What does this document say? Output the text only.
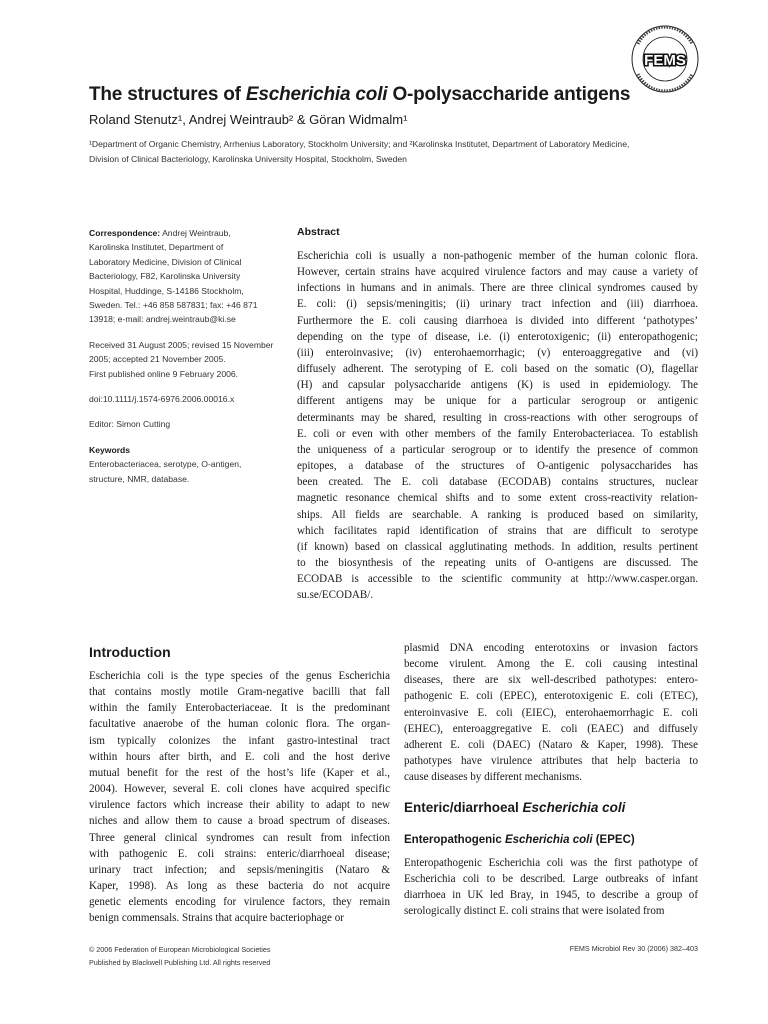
FEMS
The structures of Escherichia coli O-polysaccharide antigens
Roland Stenutz¹, Andrej Weintraub² & Göran Widmalm¹
¹Department of Organic Chemistry, Arrhenius Laboratory, Stockholm University; and ²Karolinska Institutet, Department of Laboratory Medicine,
Division of Clinical Bacteriology, Karolinska University Hospital, Stockholm, Sweden

Correspondence: Andrej Weintraub,
Karolinska Institutet, Department of
Laboratory Medicine, Division of Clinical
Bacteriology, F82, Karolinska University
Hospital, Huddinge, S-14186 Stockholm,
Sweden. Tel.: +46 858 587831; fax: +46 871
13918; e-mail: andrej.weintraub@ki.se

Received 31 August 2005; revised 15 November
2005; accepted 21 November 2005.
First published online 9 February 2006.

doi:10.1111/j.1574-6976.2006.00016.x

Editor: Simon Cutting

Keywords
Enterobacteriacea, serotype, O-antigen,
structure, NMR, database.

Abstract
Escherichia coli is usually a non-pathogenic member of the human colonic flora.
However, certain strains have acquired virulence factors and may cause a variety of
infections in humans and in animals. There are three clinical syndromes caused by
E. coli: (i) sepsis/meningitis; (ii) urinary tract infection and (iii) diarrhoea.
Furthermore the E. coli causing diarrhoea is divided into different ‘pathotypes’
depending on the type of disease, i.e. (i) enterotoxigenic; (ii) enteropathogenic;
(iii) enteroinvasive; (iv) enterohaemorrhagic; (v) enteroaggregative and (vi)
diffusely adherent. The serotyping of E. coli based on the somatic (O), flagellar
(H) and capsular polysaccharide antigens (K) is used in epidemiology. The
different antigens may be unique for a particular serogroup or antigenic
determinants may be shared, resulting in cross-reactions with other serogroups of
E. coli or even with other members of the family Enterobacteriacea. To establish
the uniqueness of a particular serogroup or to identify the presence of common
epitopes, a database of the structures of O-antigenic polysaccharides has
been created. The E. coli database (ECODAB) contains structures, nuclear
magnetic resonance chemical shifts and to some extent cross-reactivity relation-
ships. All fields are searchable. A ranking is produced based on similarity,
which facilitates rapid identification of strains that are difficult to serotype
(if known) based on classical agglutinating methods. In addition, results pertinent
to the biosynthesis of the repeating units of O-antigens are discussed. The
ECODAB is accessible to the scientific community at http://www.casper.organ.
su.se/ECODAB/.
Introduction
Escherichia coli is the type species of the genus Escherichia
that contains mostly motile Gram-negative bacilli that fall
within the family Enterobacteriaceae. It is the predominant
facultative anaerobe of the human colonic flora. The organ-
ism typically colonizes the infant gastro-intestinal tract
within hours after birth, and E. coli and the host derive
mutual benefit for the rest of the host’s life (Kaper et al.,
2004). However, several E. coli clones have acquired specific
virulence factors which increase their ability to adapt to new
niches and allow them to cause a broad spectrum of diseases.
Three general clinical syndromes can result from infection
with pathogenic E. coli strains: enteric/diarrhoeal disease;
urinary tract infection; and sepsis/meningitis (Nataro &
Kaper, 1998). As long as these bacteria do not acquire
genetic elements encoding for virulence factors, they remain
benign commensals. Strains that acquire bacteriophage or
plasmid DNA encoding enterotoxins or invasion factors
become virulent. Among the E. coli causing intestinal
diseases, there are six well-described pathotypes: entero-
pathogenic E. coli (EPEC), enterotoxigenic E. coli (ETEC),
enteroinvasive E. coli (EIEC), enterohaemorrhagic E. coli
(EHEC), enteroaggregative E. coli (EAEC) and diffusely
adherent E. coli (DAEC) (Nataro & Kaper, 1998). These
pathotypes have virulence attributes that help bacteria to
cause diseases by different mechanisms.
Enteric/diarrhoeal Escherichia coli
Enteropathogenic Escherichia coli (EPEC)
Enteropathogenic Escherichia coli was the first pathotype of
Escherichia coli to be described. Large outbreaks of infant
diarrhoea in UK led Bray, in 1945, to describe a group of
serologically distinct E. coli strains that were isolated from
© 2006 Federation of European Microbiological Societies
Published by Blackwell Publishing Ltd. All rights reserved
FEMS Microbiol Rev 30 (2006) 382–403
